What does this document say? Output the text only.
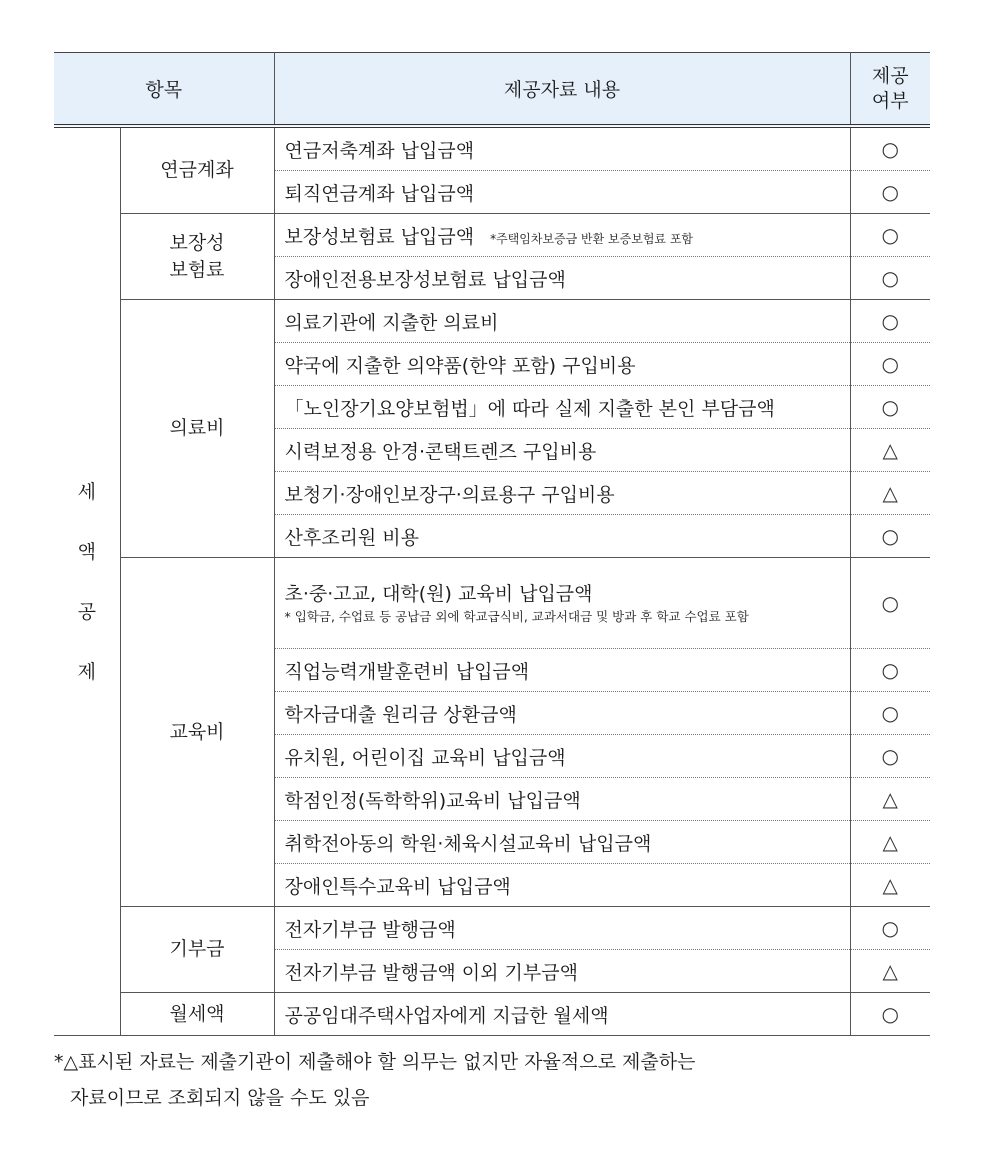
항목		제공자료 내용	제공
여부

세
액
공
제	연금계좌	연금저축계좌 납입금액	○
		퇴직연금계좌 납입금액	○

	보장성
보험료	보장성보험료 납입금액 *주택임차보증금 반환 보증보험료 포함	○
		장애인전용보장성보험료 납입금액	○

	의료비	의료기관에 지출한 의료비	○
		약국에 지출한 의약품(한약 포함) 구입비용	○
		「노인장기요양보험법」에 따라 실제 지출한 본인 부담금액	○
		시력보정용 안경·콘택트렌즈 구입비용	△
		보청기·장애인보장구·의료용구 구입비용	△
		산후조리원 비용	○

	교육비	초·중·고교, 대학(원) 교육비 납입금액
* 입학금, 수업료 등 공납금 외에 학교급식비, 교과서대금 및 방과 후 학교 수업료 포함	○
		직업능력개발훈련비 납입금액	○
		학자금대출 원리금 상환금액	○
		유치원, 어린이집 교육비 납입금액	○
		학점인정(독학학위)교육비 납입금액	△
		취학전아동의 학원·체육시설교육비 납입금액	△
		장애인특수교육비 납입금액	△

	기부금	전자기부금 발행금액	○
		전자기부금 발행금액 이외 기부금액	△

	월세액	공공임대주택사업자에게 지급한 월세액	○
*△표시된 자료는 제출기관이 제출해야 할 의무는 없지만 자율적으로 제출하는
자료이므로 조회되지 않을 수도 있음
